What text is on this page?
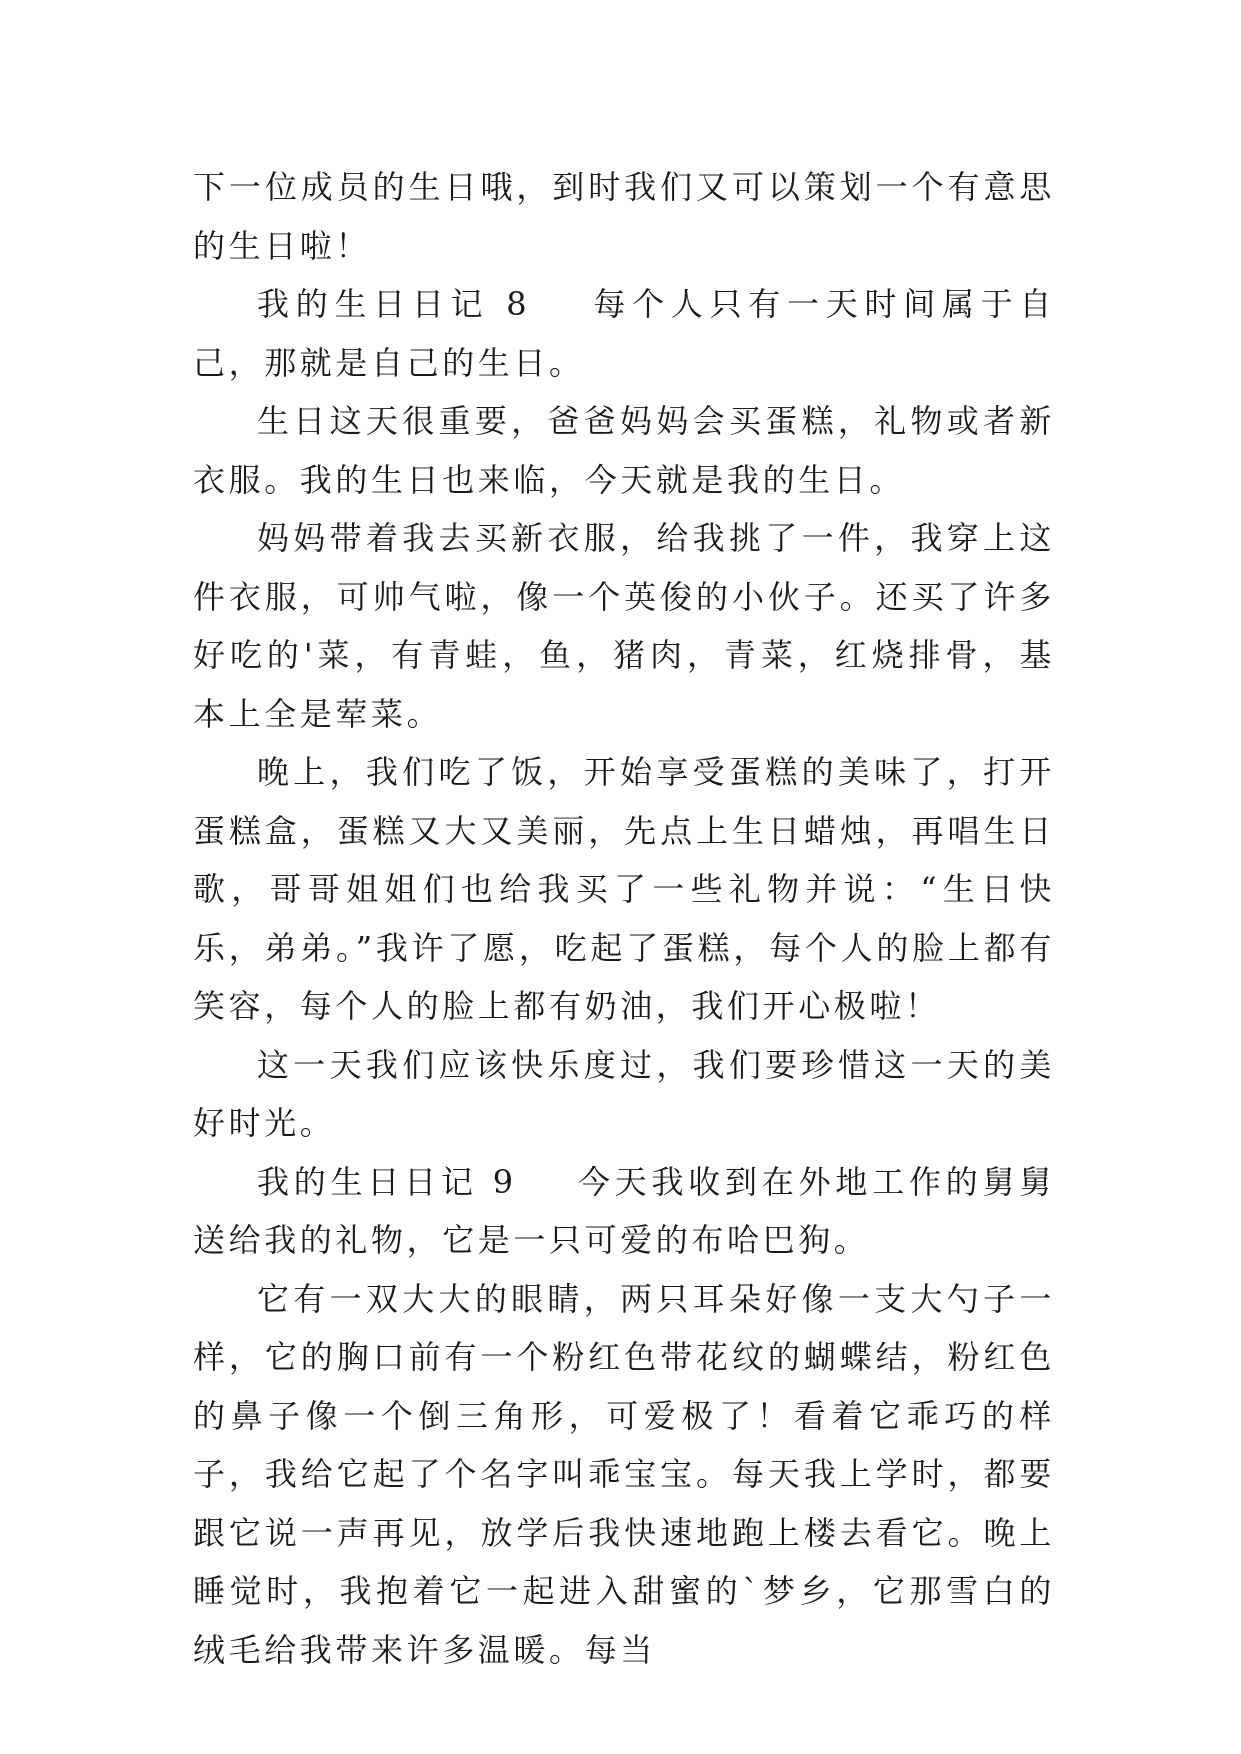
下一位成员的生日哦，到时我们又可以策划一个有意思的生日啦！

我的生日日记 8 每个人只有一天时间属于自己，那就是自己的生日。

生日这天很重要，爸爸妈妈会买蛋糕，礼物或者新衣服。我的生日也来临，今天就是我的生日。

妈妈带着我去买新衣服，给我挑了一件，我穿上这件衣服，可帅气啦，像一个英俊的小伙子。还买了许多好吃的'菜，有青蛙，鱼，猪肉，青菜，红烧排骨，基本上全是荤菜。

晚上，我们吃了饭，开始享受蛋糕的美味了，打开蛋糕盒，蛋糕又大又美丽，先点上生日蜡烛，再唱生日歌，哥哥姐姐们也给我买了一些礼物并说：“生日快乐，弟弟。”我许了愿，吃起了蛋糕，每个人的脸上都有笑容，每个人的脸上都有奶油，我们开心极啦！

这一天我们应该快乐度过，我们要珍惜这一天的美好时光。

我的生日日记 9 今天我收到在外地工作的舅舅送给我的礼物，它是一只可爱的布哈巴狗。

它有一双大大的眼睛，两只耳朵好像一支大勺子一样，它的胸口前有一个粉红色带花纹的蝴蝶结，粉红色的鼻子像一个倒三角形，可爱极了！看着它乖巧的样子，我给它起了个名字叫乖宝宝。每天我上学时，都要跟它说一声再见，放学后我快速地跑上楼去看它。晚上睡觉时，我抱着它一起进入甜蜜的`梦乡，它那雪白的绒毛给我带来许多温暖。每当
